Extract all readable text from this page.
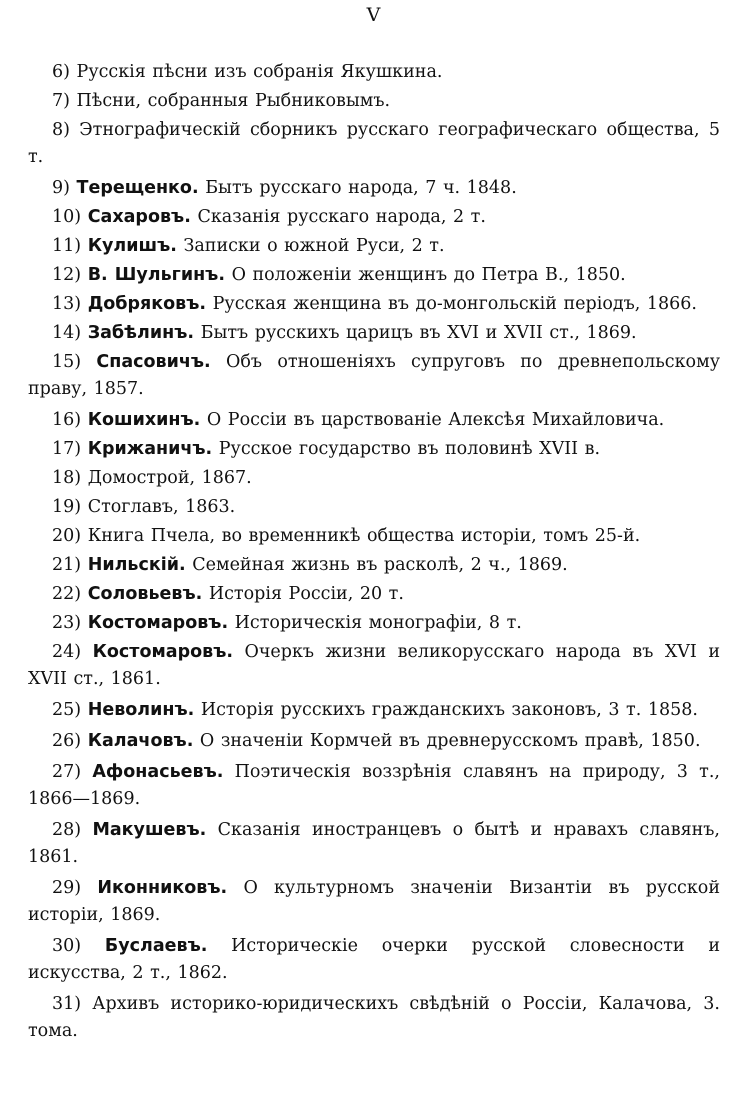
V
6) Русскія пѣсни изъ собранія Якушкина.
7) Пѣсни, собранныя Рыбниковымъ.
8) Этнографическій сборникъ русскаго географическаго общества, 5 т.
9) Терещенко. Бытъ русскаго народа, 7 ч. 1848.
10) Сахаровъ. Сказанія русскаго народа, 2 т.
11) Кулишъ. Записки о южной Руси, 2 т.
12) В. Шульгинъ. О положеніи женщинъ до Петра В., 1850.
13) Добряковъ. Русская женщина въ до-монгольскій періодъ, 1866.
14) Забѣлинъ. Бытъ русскихъ царицъ въ XVI и XVII ст., 1869.
15) Спасовичъ. Объ отношеніяхъ супруговъ по древнепольскому праву, 1857.
16) Кошихинъ. О Россіи въ царствованіе Алексѣя Михайловича.
17) Крижаничъ. Русское государство въ половинѣ XVII в.
18) Домострой, 1867.
19) Стоглавъ, 1863.
20) Книга Пчела, во временникѣ общества исторіи, томъ 25-й.
21) Нильскій. Семейная жизнь въ расколѣ, 2 ч., 1869.
22) Соловьевъ. Исторія Россіи, 20 т.
23) Костомаровъ. Историческія монографіи, 8 т.
24) Костомаровъ. Очеркъ жизни великорусскаго народа въ XVI и XVII ст., 1861.
25) Неволинъ. Исторія русскихъ гражданскихъ законовъ, 3 т. 1858.
26) Калачовъ. О значеніи Кормчей въ древнерусскомъ правѣ, 1850.
27) Афонасьевъ. Поэтическія воззрѣнія славянъ на природу, 3 т., 1866—1869.
28) Макушевъ. Сказанія иностранцевъ о бытѣ и нравахъ славянъ, 1861.
29) Иконниковъ. О культурномъ значеніи Византіи въ русской исторіи, 1869.
30) Буслаевъ. Историческіе очерки русской словесности и искусства, 2 т., 1862.
31) Архивъ историко-юридическихъ свѣдѣній о Россіи, Калачова, 3. тома.
